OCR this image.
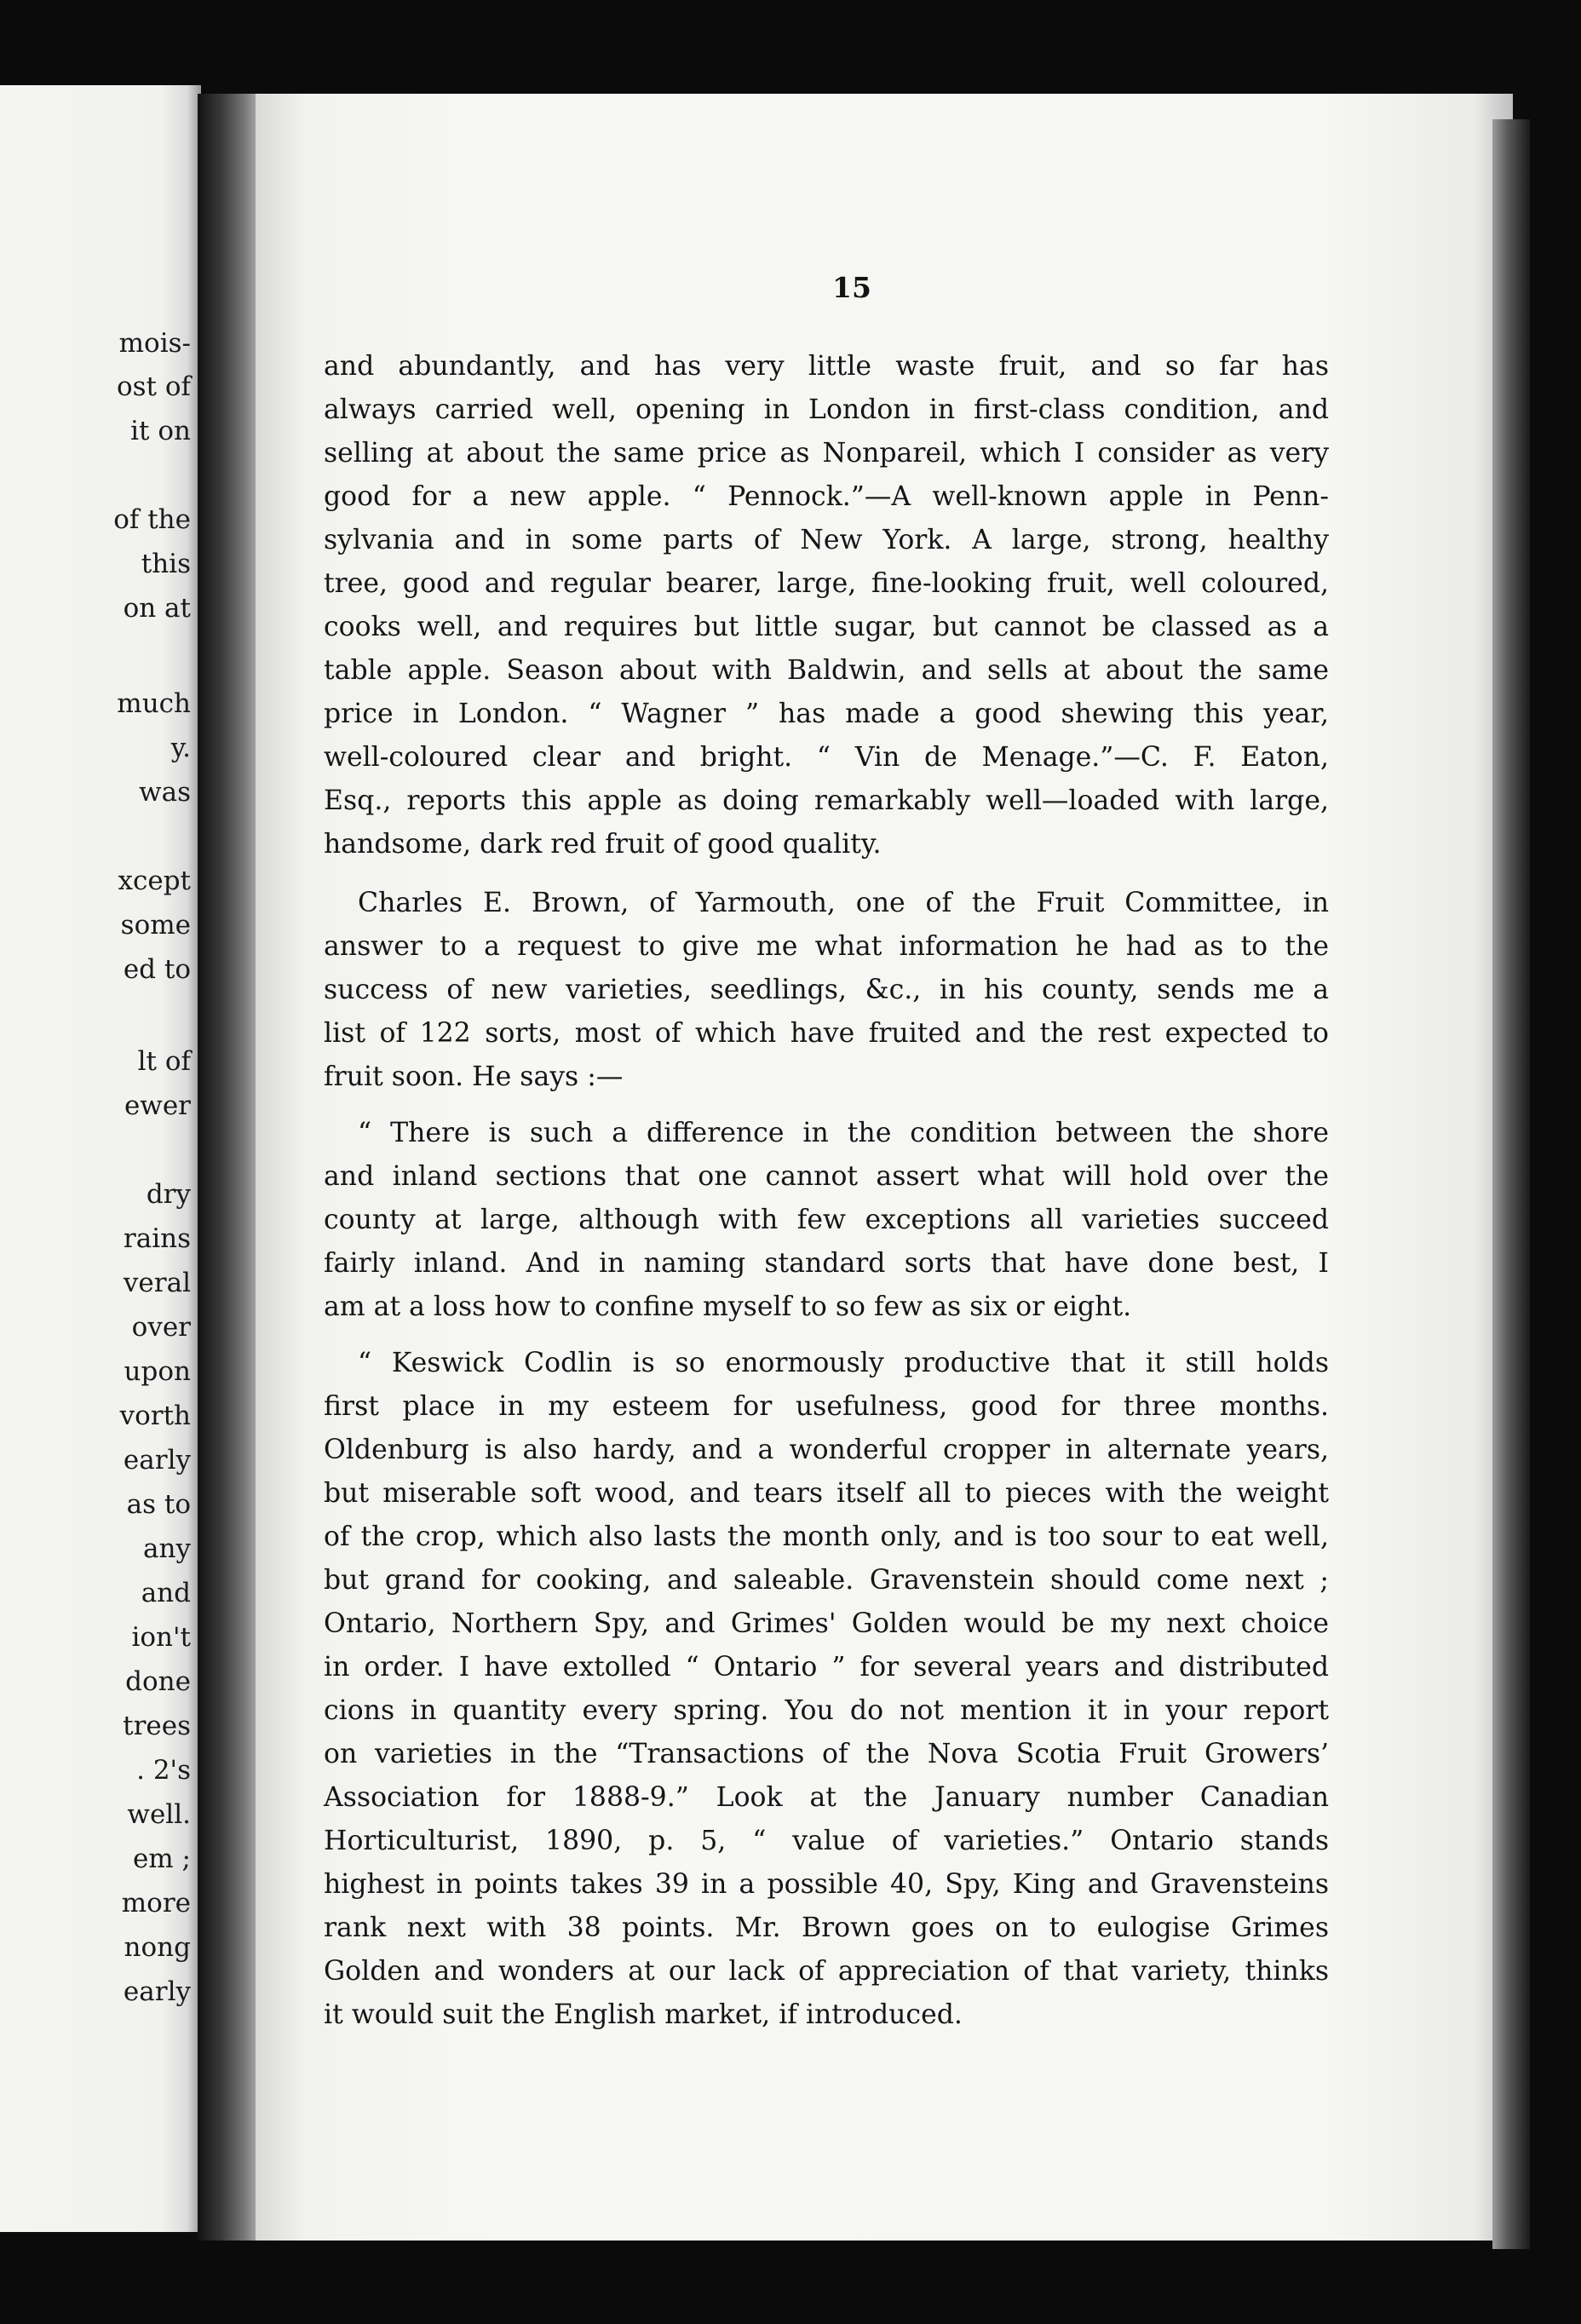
mois-
ost of
it on
of the
this
on at
much
y.
was
xcept
some
ed to
lt of
ewer
dry
rains
veral
over
upon
vorth
early
as to
any
and
ion't
done
trees
. 2's
well.
em ;
more
nong
early
15
and abundantly, and has very little waste fruit, and so far has
always carried well, opening in London in first-class condition, and
selling at about the same price as Nonpareil, which I consider as very
good for a new apple. “ Pennock.”—A well-known apple in Penn-
sylvania and in some parts of New York. A large, strong, healthy
tree, good and regular bearer, large, fine-looking fruit, well coloured,
cooks well, and requires but little sugar, but cannot be classed as a
table apple. Season about with Baldwin, and sells at about the same
price in London. “ Wagner ” has made a good shewing this year,
well-coloured clear and bright. “ Vin de Menage.”—C. F. Eaton,
Esq., reports this apple as doing remarkably well—loaded with large,
handsome, dark red fruit of good quality.
Charles E. Brown, of Yarmouth, one of the Fruit Committee, in
answer to a request to give me what information he had as to the
success of new varieties, seedlings, &c., in his county, sends me a
list of 122 sorts, most of which have fruited and the rest expected to
fruit soon. He says :—
“ There is such a difference in the condition between the shore
and inland sections that one cannot assert what will hold over the
county at large, although with few exceptions all varieties succeed
fairly inland. And in naming standard sorts that have done best, I
am at a loss how to confine myself to so few as six or eight.
“ Keswick Codlin is so enormously productive that it still holds
first place in my esteem for usefulness, good for three months.
Oldenburg is also hardy, and a wonderful cropper in alternate years,
but miserable soft wood, and tears itself all to pieces with the weight
of the crop, which also lasts the month only, and is too sour to eat well,
but grand for cooking, and saleable. Gravenstein should come next ;
Ontario, Northern Spy, and Grimes' Golden would be my next choice
in order. I have extolled “ Ontario ” for several years and distributed
cions in quantity every spring. You do not mention it in your report
on varieties in the “Transactions of the Nova Scotia Fruit Growers’
Association for 1888-9.” Look at the January number Canadian
Horticulturist, 1890, p. 5, “ value of varieties.” Ontario stands
highest in points takes 39 in a possible 40, Spy, King and Gravensteins
rank next with 38 points. Mr. Brown goes on to eulogise Grimes
Golden and wonders at our lack of appreciation of that variety, thinks
it would suit the English market, if introduced.
